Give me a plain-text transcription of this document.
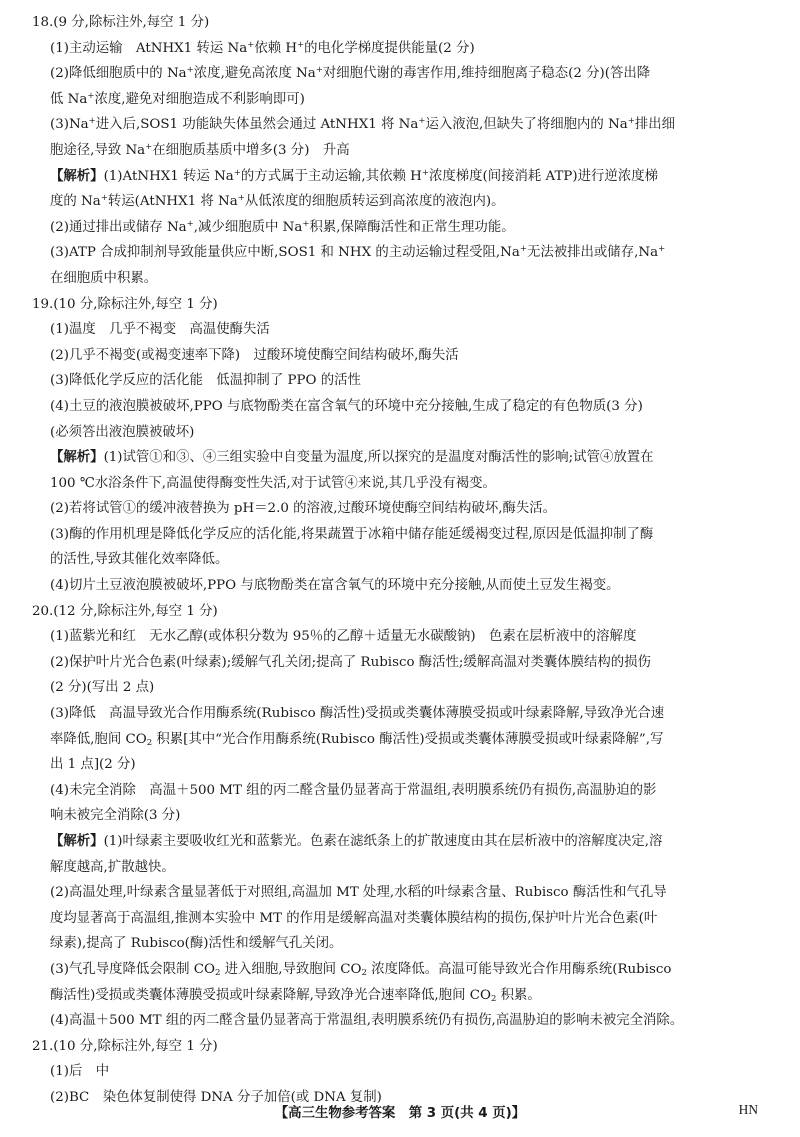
18.(9 分,除标注外,每空 1 分)
(1)主动运输　AtNHX1 转运 Na+依赖 H+的电化学梯度提供能量(2 分)
(2)降低细胞质中的 Na+浓度,避免高浓度 Na+对细胞代谢的毒害作用,维持细胞离子稳态(2 分)(答出降
低 Na+浓度,避免对细胞造成不利影响即可)
(3)Na+进入后,SOS1 功能缺失体虽然会通过 AtNHX1 将 Na+运入液泡,但缺失了将细胞内的 Na+排出细
胞途径,导致 Na+在细胞质基质中增多(3 分)　升高
【解析】(1)AtNHX1 转运 Na+的方式属于主动运输,其依赖 H+浓度梯度(间接消耗 ATP)进行逆浓度梯
度的 Na+转运(AtNHX1 将 Na+从低浓度的细胞质转运到高浓度的液泡内)。
(2)通过排出或储存 Na+,减少细胞质中 Na+积累,保障酶活性和正常生理功能。
(3)ATP 合成抑制剂导致能量供应中断,SOS1 和 NHX 的主动运输过程受阻,Na+无法被排出或储存,Na+
在细胞质中积累。
19.(10 分,除标注外,每空 1 分)
(1)温度　几乎不褐变　高温使酶失活
(2)几乎不褐变(或褐变速率下降)　过酸环境使酶空间结构破坏,酶失活
(3)降低化学反应的活化能　低温抑制了 PPO 的活性
(4)土豆的液泡膜被破坏,PPO 与底物酚类在富含氧气的环境中充分接触,生成了稳定的有色物质(3 分)
(必须答出液泡膜被破坏)
【解析】(1)试管①和③、④三组实验中自变量为温度,所以探究的是温度对酶活性的影响;试管④放置在
100 ℃水浴条件下,高温使得酶变性失活,对于试管④来说,其几乎没有褐变。
(2)若将试管①的缓冲液替换为 pH＝2.0 的溶液,过酸环境使酶空间结构破坏,酶失活。
(3)酶的作用机理是降低化学反应的活化能,将果蔬置于冰箱中储存能延缓褐变过程,原因是低温抑制了酶
的活性,导致其催化效率降低。
(4)切片土豆液泡膜被破坏,PPO 与底物酚类在富含氧气的环境中充分接触,从而使土豆发生褐变。
20.(12 分,除标注外,每空 1 分)
(1)蓝紫光和红　无水乙醇(或体积分数为 95％的乙醇＋适量无水碳酸钠)　色素在层析液中的溶解度
(2)保护叶片光合色素(叶绿素);缓解气孔关闭;提高了 Rubisco 酶活性;缓解高温对类囊体膜结构的损伤
(2 分)(写出 2 点)
(3)降低　高温导致光合作用酶系统(Rubisco 酶活性)受损或类囊体薄膜受损或叶绿素降解,导致净光合速
率降低,胞间 $CO_2$ 积累[其中“光合作用酶系统(Rubisco 酶活性)受损或类囊体薄膜受损或叶绿素降解”,写
出 1 点](2 分)
(4)未完全消除　高温＋500 MT 组的丙二醛含量仍显著高于常温组,表明膜系统仍有损伤,高温胁迫的影
响未被完全消除(3 分)
【解析】(1)叶绿素主要吸收红光和蓝紫光。色素在滤纸条上的扩散速度由其在层析液中的溶解度决定,溶
解度越高,扩散越快。
(2)高温处理,叶绿素含量显著低于对照组,高温加 MT 处理,水稻的叶绿素含量、Rubisco 酶活性和气孔导
度均显著高于高温组,推测本实验中 MT 的作用是缓解高温对类囊体膜结构的损伤,保护叶片光合色素(叶
绿素),提高了 Rubisco(酶)活性和缓解气孔关闭。
(3)气孔导度降低会限制 $CO_2$ 进入细胞,导致胞间 $CO_2$ 浓度降低。高温可能导致光合作用酶系统(Rubisco
酶活性)受损或类囊体薄膜受损或叶绿素降解,导致净光合速率降低,胞间 $CO_2$ 积累。
(4)高温＋500 MT 组的丙二醛含量仍显著高于常温组,表明膜系统仍有损伤,高温胁迫的影响未被完全消除。
21.(10 分,除标注外,每空 1 分)
(1)后　中
(2)BC　染色体复制使得 DNA 分子加倍(或 DNA 复制)
【高三生物参考答案　第 3 页(共 4 页)】	HN
